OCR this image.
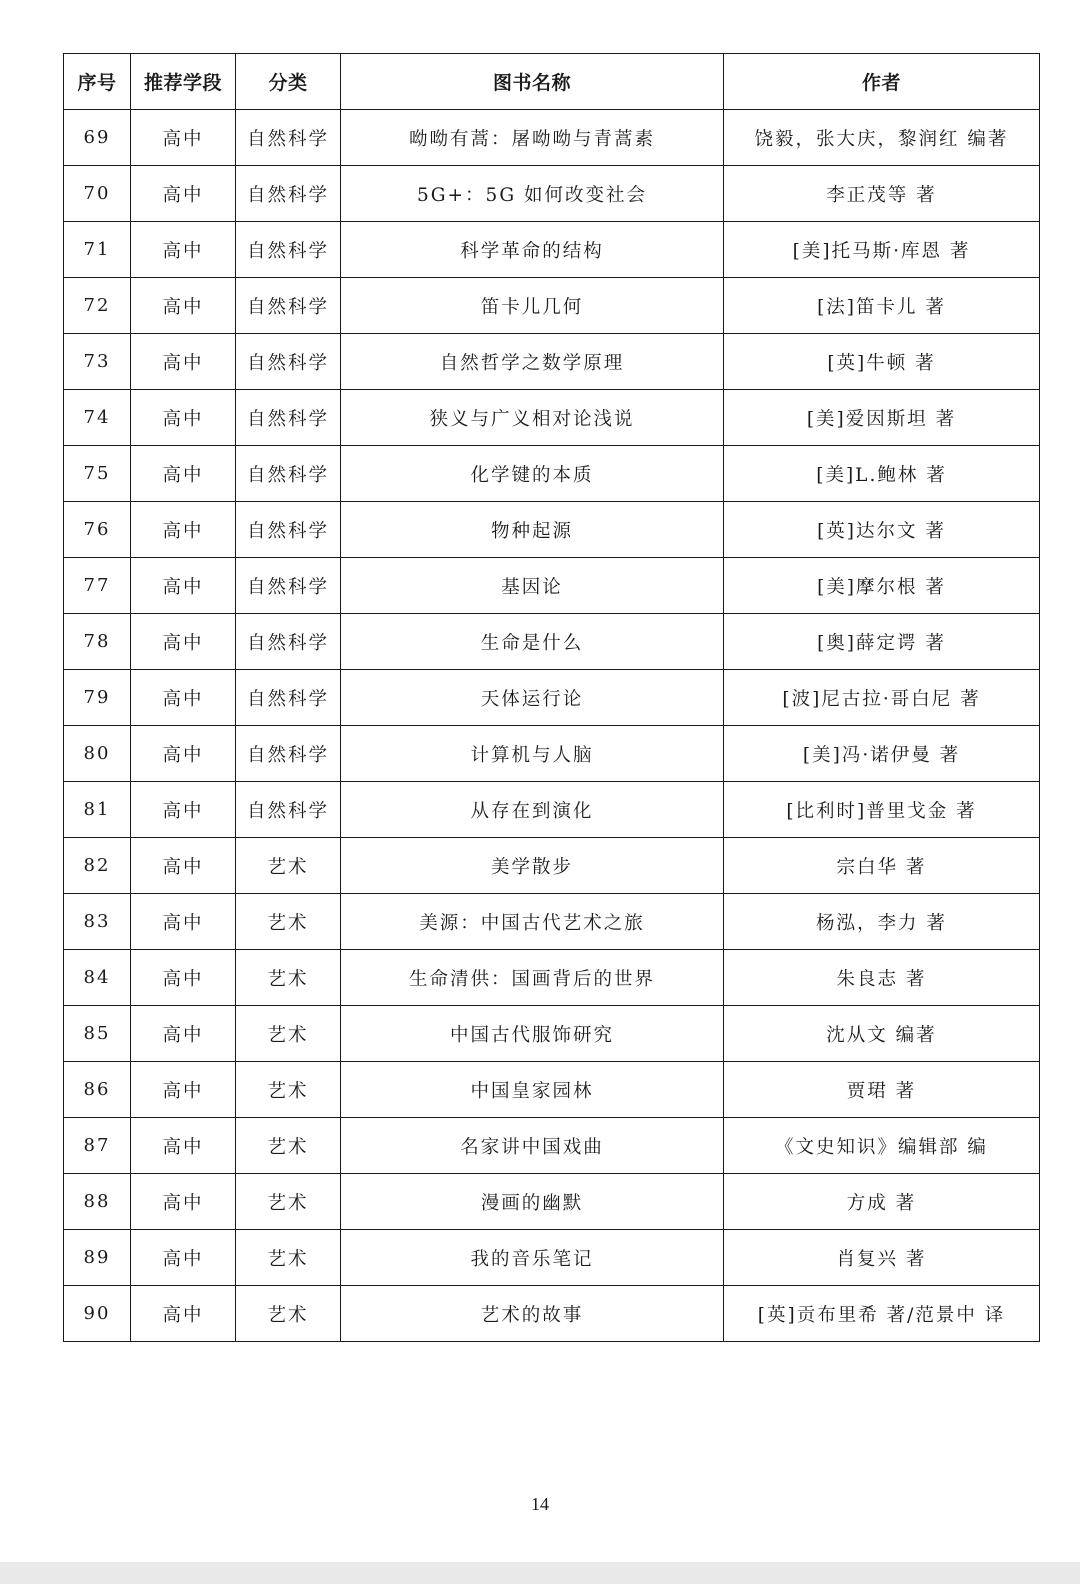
序号	推荐学段	分类	图书名称	作者
69	高中	自然科学	呦呦有蒿：屠呦呦与青蒿素	饶毅，张大庆，黎润红 编著
70	高中	自然科学	5G+：5G 如何改变社会	李正茂等 著
71	高中	自然科学	科学革命的结构	[美]托马斯·库恩 著
72	高中	自然科学	笛卡儿几何	[法]笛卡儿 著
73	高中	自然科学	自然哲学之数学原理	[英]牛顿 著
74	高中	自然科学	狭义与广义相对论浅说	[美]爱因斯坦 著
75	高中	自然科学	化学键的本质	[美]L.鲍林 著
76	高中	自然科学	物种起源	[英]达尔文 著
77	高中	自然科学	基因论	[美]摩尔根 著
78	高中	自然科学	生命是什么	[奥]薛定谔 著
79	高中	自然科学	天体运行论	[波]尼古拉·哥白尼 著
80	高中	自然科学	计算机与人脑	[美]冯·诺伊曼 著
81	高中	自然科学	从存在到演化	[比利时]普里戈金 著
82	高中	艺术	美学散步	宗白华 著
83	高中	艺术	美源：中国古代艺术之旅	杨泓，李力 著
84	高中	艺术	生命清供：国画背后的世界	朱良志 著
85	高中	艺术	中国古代服饰研究	沈从文 编著
86	高中	艺术	中国皇家园林	贾珺 著
87	高中	艺术	名家讲中国戏曲	《文史知识》编辑部 编
88	高中	艺术	漫画的幽默	方成 著
89	高中	艺术	我的音乐笔记	肖复兴 著
90	高中	艺术	艺术的故事	[英]贡布里希 著/范景中 译
14
